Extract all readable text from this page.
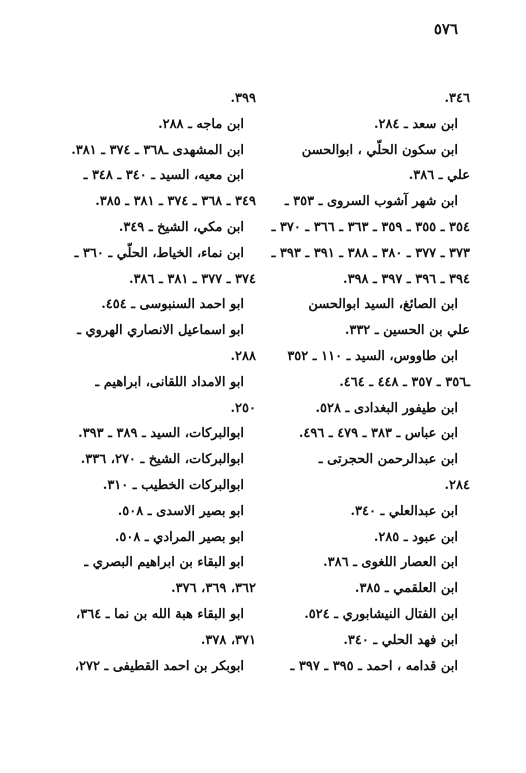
٥٧٦
٣٤٦.
ابن سعد ـ ٢٨٤.
ابن سكون الحلّي ، ابوالحسن
علي ـ ٣٨٦.
ابن شهر آشوب السروى ـ ٣٥٣ ـ
٣٥٤ ـ ٣٥٥ ـ ٣٥٩ ـ ٣٦٣ ـ ٣٦٦ ـ ٣٧٠ ـ
٣٧٣ ـ ٣٧٧ ـ ٣٨٠ ـ ٣٨٨ ـ ٣٩١ ـ ٣٩٣ ـ
٣٩٤ ـ ٣٩٦ ـ ٣٩٧ ـ ٣٩٨.
ابن الصائغ، السيد ابوالحسن
علي بن الحسين ـ ٣٣٢.
ابن طاووس، السيد ـ ١١٠ ـ ٣٥٢
ـ٣٥٦ ـ ٣٥٧ ـ ٤٤٨ ـ ٤٦٤.
ابن طيفور البغدادى ـ ٥٢٨.
ابن عباس ـ ٣٨٣ ـ ٤٧٩ ـ ٤٩٦.
ابن عبدالرحمن الحجرتى ـ
٢٨٤.
ابن عبدالعلي ـ ٣٤٠.
ابن عبود ـ ٢٨٥.
ابن العصار اللغوى ـ ٣٨٦.
ابن العلقمي ـ ٣٨٥.
ابن الفتال النيشابوري ـ ٥٢٤.
ابن فهد الحلي ـ ٣٤٠.
ابن قدامه ، احمد ـ ٣٩٥ ـ ٣٩٧ ـ
٣٩٩.
ابن ماجه ـ ٢٨٨.
ابن المشهدى ـ٣٦٨ ـ ٣٧٤ ـ ٣٨١.
ابن معيه، السيد ـ ٣٤٠ ـ ٣٤٨ ـ
٣٤٩ ـ ٣٦٨ ـ ٣٧٤ ـ ٣٨١ ـ ٣٨٥.
ابن مكي، الشيخ ـ ٣٤٩.
ابن نماء، الخياط، الحلّي ـ ٣٦٠ ـ
٣٧٤ ـ ٣٧٧ ـ ٣٨١ ـ ٣٨٦.
ابو احمد السنبوسى ـ ٤٥٤.
ابو اسماعيل الانصاري الهروي ـ
٢٨٨.
ابو الامداد اللقانى، ابراهيم ـ
٢٥٠.
ابوالبركات، السيد ـ ٣٨٩ ـ ٣٩٣.
ابوالبركات، الشيخ ـ ٢٧٠، ٣٣٦.
ابوالبركات الخطيب ـ ٣١٠.
ابو بصير الاسدى ـ ٥٠٨.
ابو بصير المرادي ـ ٥٠٨.
ابو البقاء بن ابراهيم البصري ـ
٣٦٢، ٣٦٩، ٣٧٦.
ابو البقاء هبة الله بن نما ـ ٣٦٤،
٣٧١، ٣٧٨.
ابوبكر بن احمد القطيفى ـ ٢٧٢،
